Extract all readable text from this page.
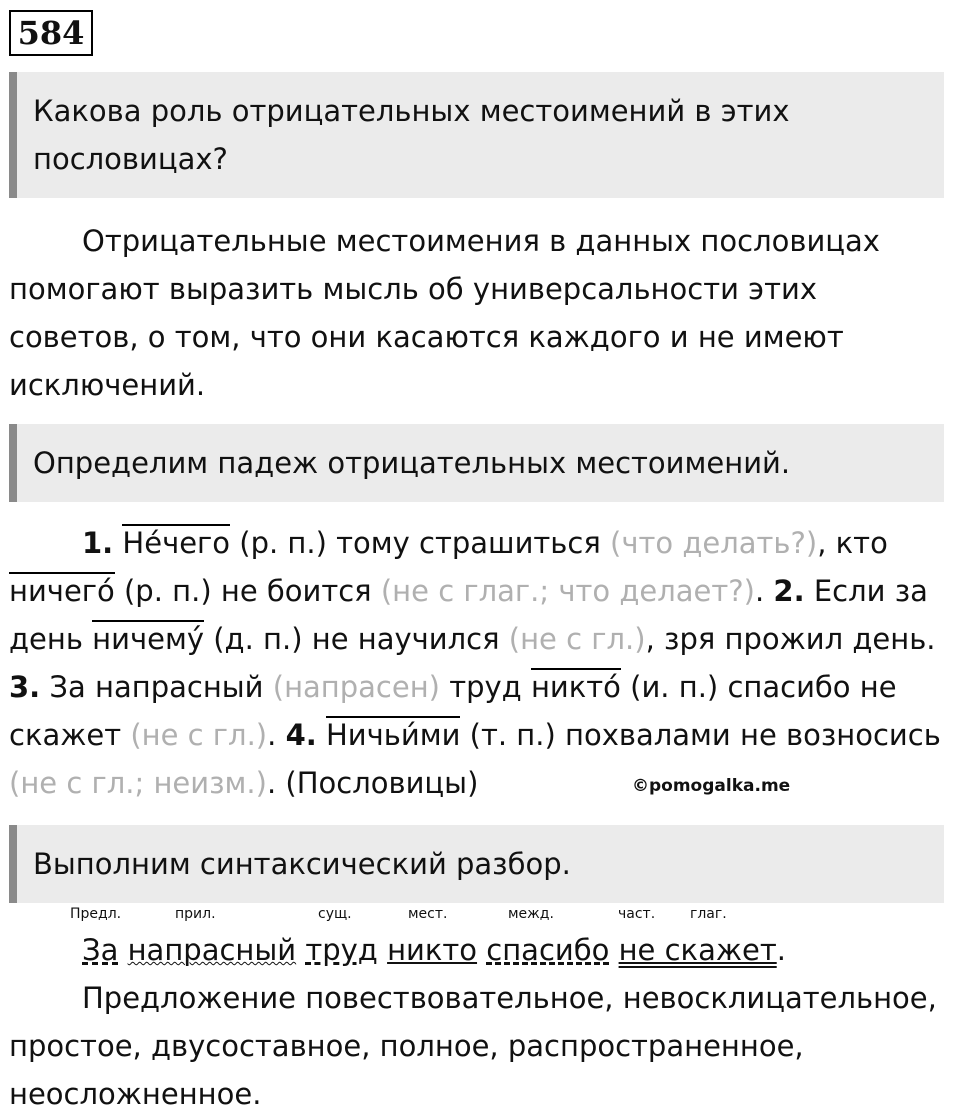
584
Какова роль отрицательных местоимений в этих пословицах?

Отрицательные местоимения в данных пословицах помогают выразить мысль об универсальности этих советов, о том, что они касаются каждого и не имеют исключений.

Определим падеж отрицательных местоимений.

1. Нéчего (р. п.) тому страшиться (что делать?), кто ничегó (р. п.) не боится (не с глаг.; что делает?). 2. Если за день ничемý (д. п.) не научился (не с гл.), зря прожил день. 3. За напрасный (напрасен) труд никтó (и. п.) спасибо не скажет (не с гл.). 4. Ничьи́ми (т. п.) похвалами не возносись (не с гл.; неизм.). (Пословицы)	©pomogalka.me
Выполним синтаксический разбор.
Предл.	прил.	сущ.	мест.	межд.	част. глаг.
За напрасный труд никто спасибо не скажет.

Предложение повествовательное, невосклицательное, простое, двусоставное, полное, распространенное, неосложненное.
